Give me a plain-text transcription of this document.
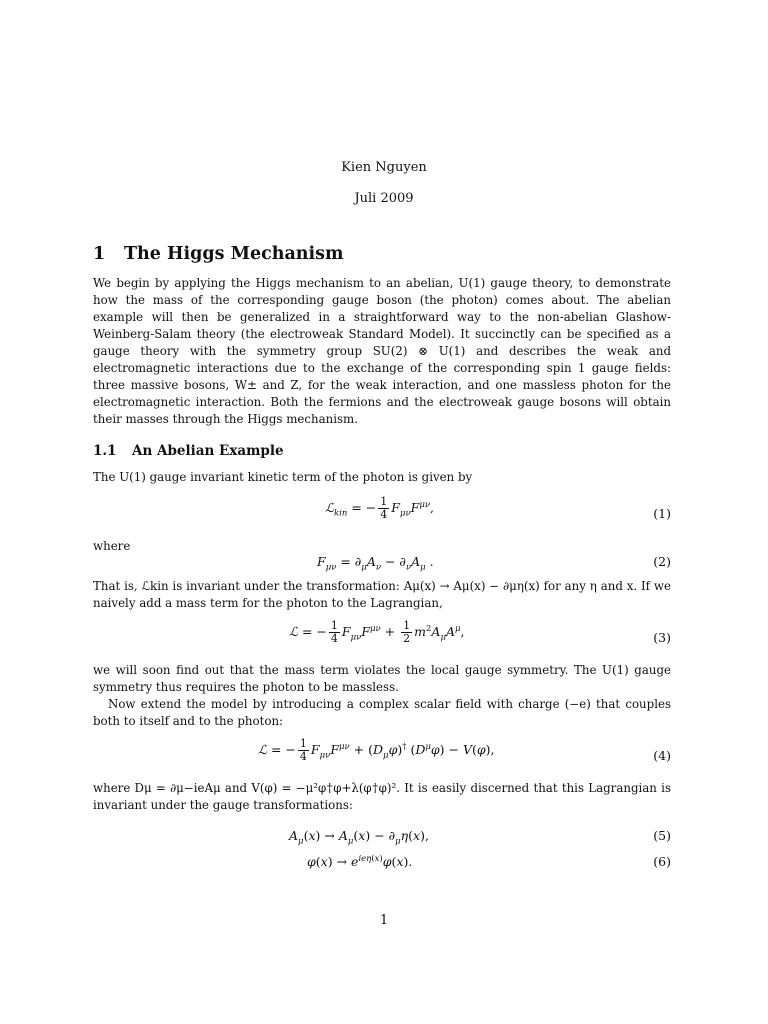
Kien Nguyen
Juli 2009
1 The Higgs Mechanism
We begin by applying the Higgs mechanism to an abelian, U(1) gauge theory, to demonstrate how the mass of the corresponding gauge boson (the photon) comes about. The abelian example will then be generalized in a straightforward way to the non-abelian Glashow-Weinberg-Salam theory (the electroweak Standard Model). It succinctly can be specified as a gauge theory with the symmetry group SU(2) ⊗ U(1) and describes the weak and electromagnetic interactions due to the exchange of the corresponding spin 1 gauge fields: three massive bosons, W± and Z, for the weak interaction, and one massless photon for the electromagnetic interaction. Both the fermions and the electroweak gauge bosons will obtain their masses through the Higgs mechanism.
1.1 An Abelian Example
The U(1) gauge invariant kinetic term of the photon is given by
ℒ$_{kin}$ = − $\frac{1}{4} F_{\mu\nu}F^{\mu\nu}$,	(1)
where
$F_{\mu\nu} = \partial_\mu A_\nu - \partial_\nu A_\mu$ .	(2)
That is, ℒkin is invariant under the transformation: Aμ(x) → Aμ(x) − ∂μη(x) for any η and x. If we naively add a mass term for the photon to the Lagrangian,
ℒ = − $\frac{1}{4} F_{\mu\nu}F^{\mu\nu} + \frac{1}{2} m^2A_\mu A^\mu$,	(3)
we will soon find out that the mass term violates the local gauge symmetry. The U(1) gauge symmetry thus requires the photon to be massless.
Now extend the model by introducing a complex scalar field with charge (−e) that couples both to itself and to the photon:
ℒ = − $\frac{1}{4} F_{\mu\nu}F^{\mu\nu} + (D_\mu\varphi)^\dagger$ $(D^\mu\varphi) - V(\varphi)$,	(4)
where Dμ = ∂μ−ieAμ and V(φ) = −μ²φ†φ+λ(φ†φ)². It is easily discerned that this Lagrangian is invariant under the gauge transformations:
$A_\mu(x) \to A_\mu(x) - \partial_\mu\eta(x)$,	(5)
$\varphi(x) \to e^{ie\eta(x)}\varphi(x)$.	(6)
1
